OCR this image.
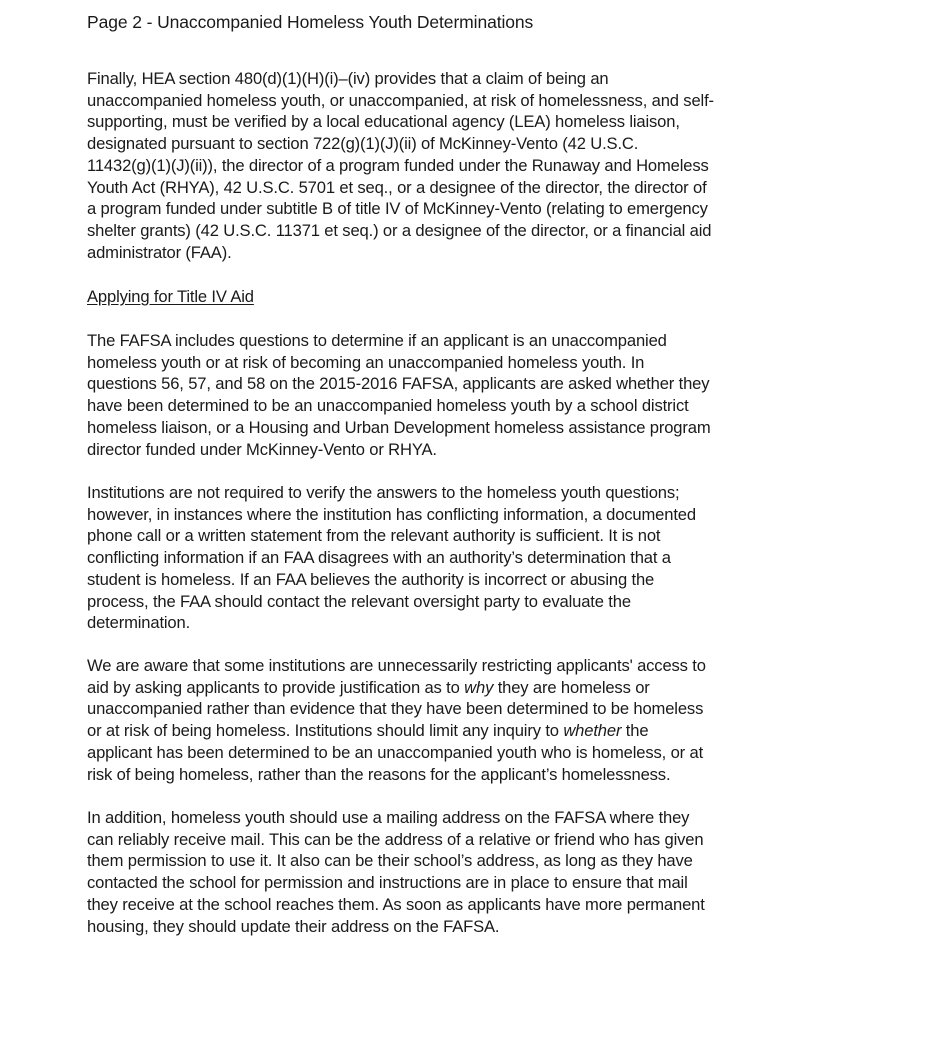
Page 2 - Unaccompanied Homeless Youth Determinations
Finally, HEA section 480(d)(1)(H)(i)–(iv) provides that a claim of being an
unaccompanied homeless youth, or unaccompanied, at risk of homelessness, and self-
supporting, must be verified by a local educational agency (LEA) homeless liaison,
designated pursuant to section 722(g)(1)(J)(ii) of McKinney-Vento (42 U.S.C.
11432(g)(1)(J)(ii)), the director of a program funded under the Runaway and Homeless
Youth Act (RHYA), 42 U.S.C. 5701 et seq., or a designee of the director, the director of
a program funded under subtitle B of title IV of McKinney-Vento (relating to emergency
shelter grants) (42 U.S.C. 11371 et seq.) or a designee of the director, or a financial aid
administrator (FAA).
Applying for Title IV Aid
The FAFSA includes questions to determine if an applicant is an unaccompanied
homeless youth or at risk of becoming an unaccompanied homeless youth. In
questions 56, 57, and 58 on the 2015-2016 FAFSA, applicants are asked whether they
have been determined to be an unaccompanied homeless youth by a school district
homeless liaison, or a Housing and Urban Development homeless assistance program
director funded under McKinney-Vento or RHYA.
Institutions are not required to verify the answers to the homeless youth questions;
however, in instances where the institution has conflicting information, a documented
phone call or a written statement from the relevant authority is sufficient. It is not
conflicting information if an FAA disagrees with an authority’s determination that a
student is homeless. If an FAA believes the authority is incorrect or abusing the
process, the FAA should contact the relevant oversight party to evaluate the
determination.
We are aware that some institutions are unnecessarily restricting applicants' access to
aid by asking applicants to provide justification as to why they are homeless or
unaccompanied rather than evidence that they have been determined to be homeless
or at risk of being homeless. Institutions should limit any inquiry to whether the
applicant has been determined to be an unaccompanied youth who is homeless, or at
risk of being homeless, rather than the reasons for the applicant’s homelessness.
In addition, homeless youth should use a mailing address on the FAFSA where they
can reliably receive mail. This can be the address of a relative or friend who has given
them permission to use it. It also can be their school’s address, as long as they have
contacted the school for permission and instructions are in place to ensure that mail
they receive at the school reaches them. As soon as applicants have more permanent
housing, they should update their address on the FAFSA.
